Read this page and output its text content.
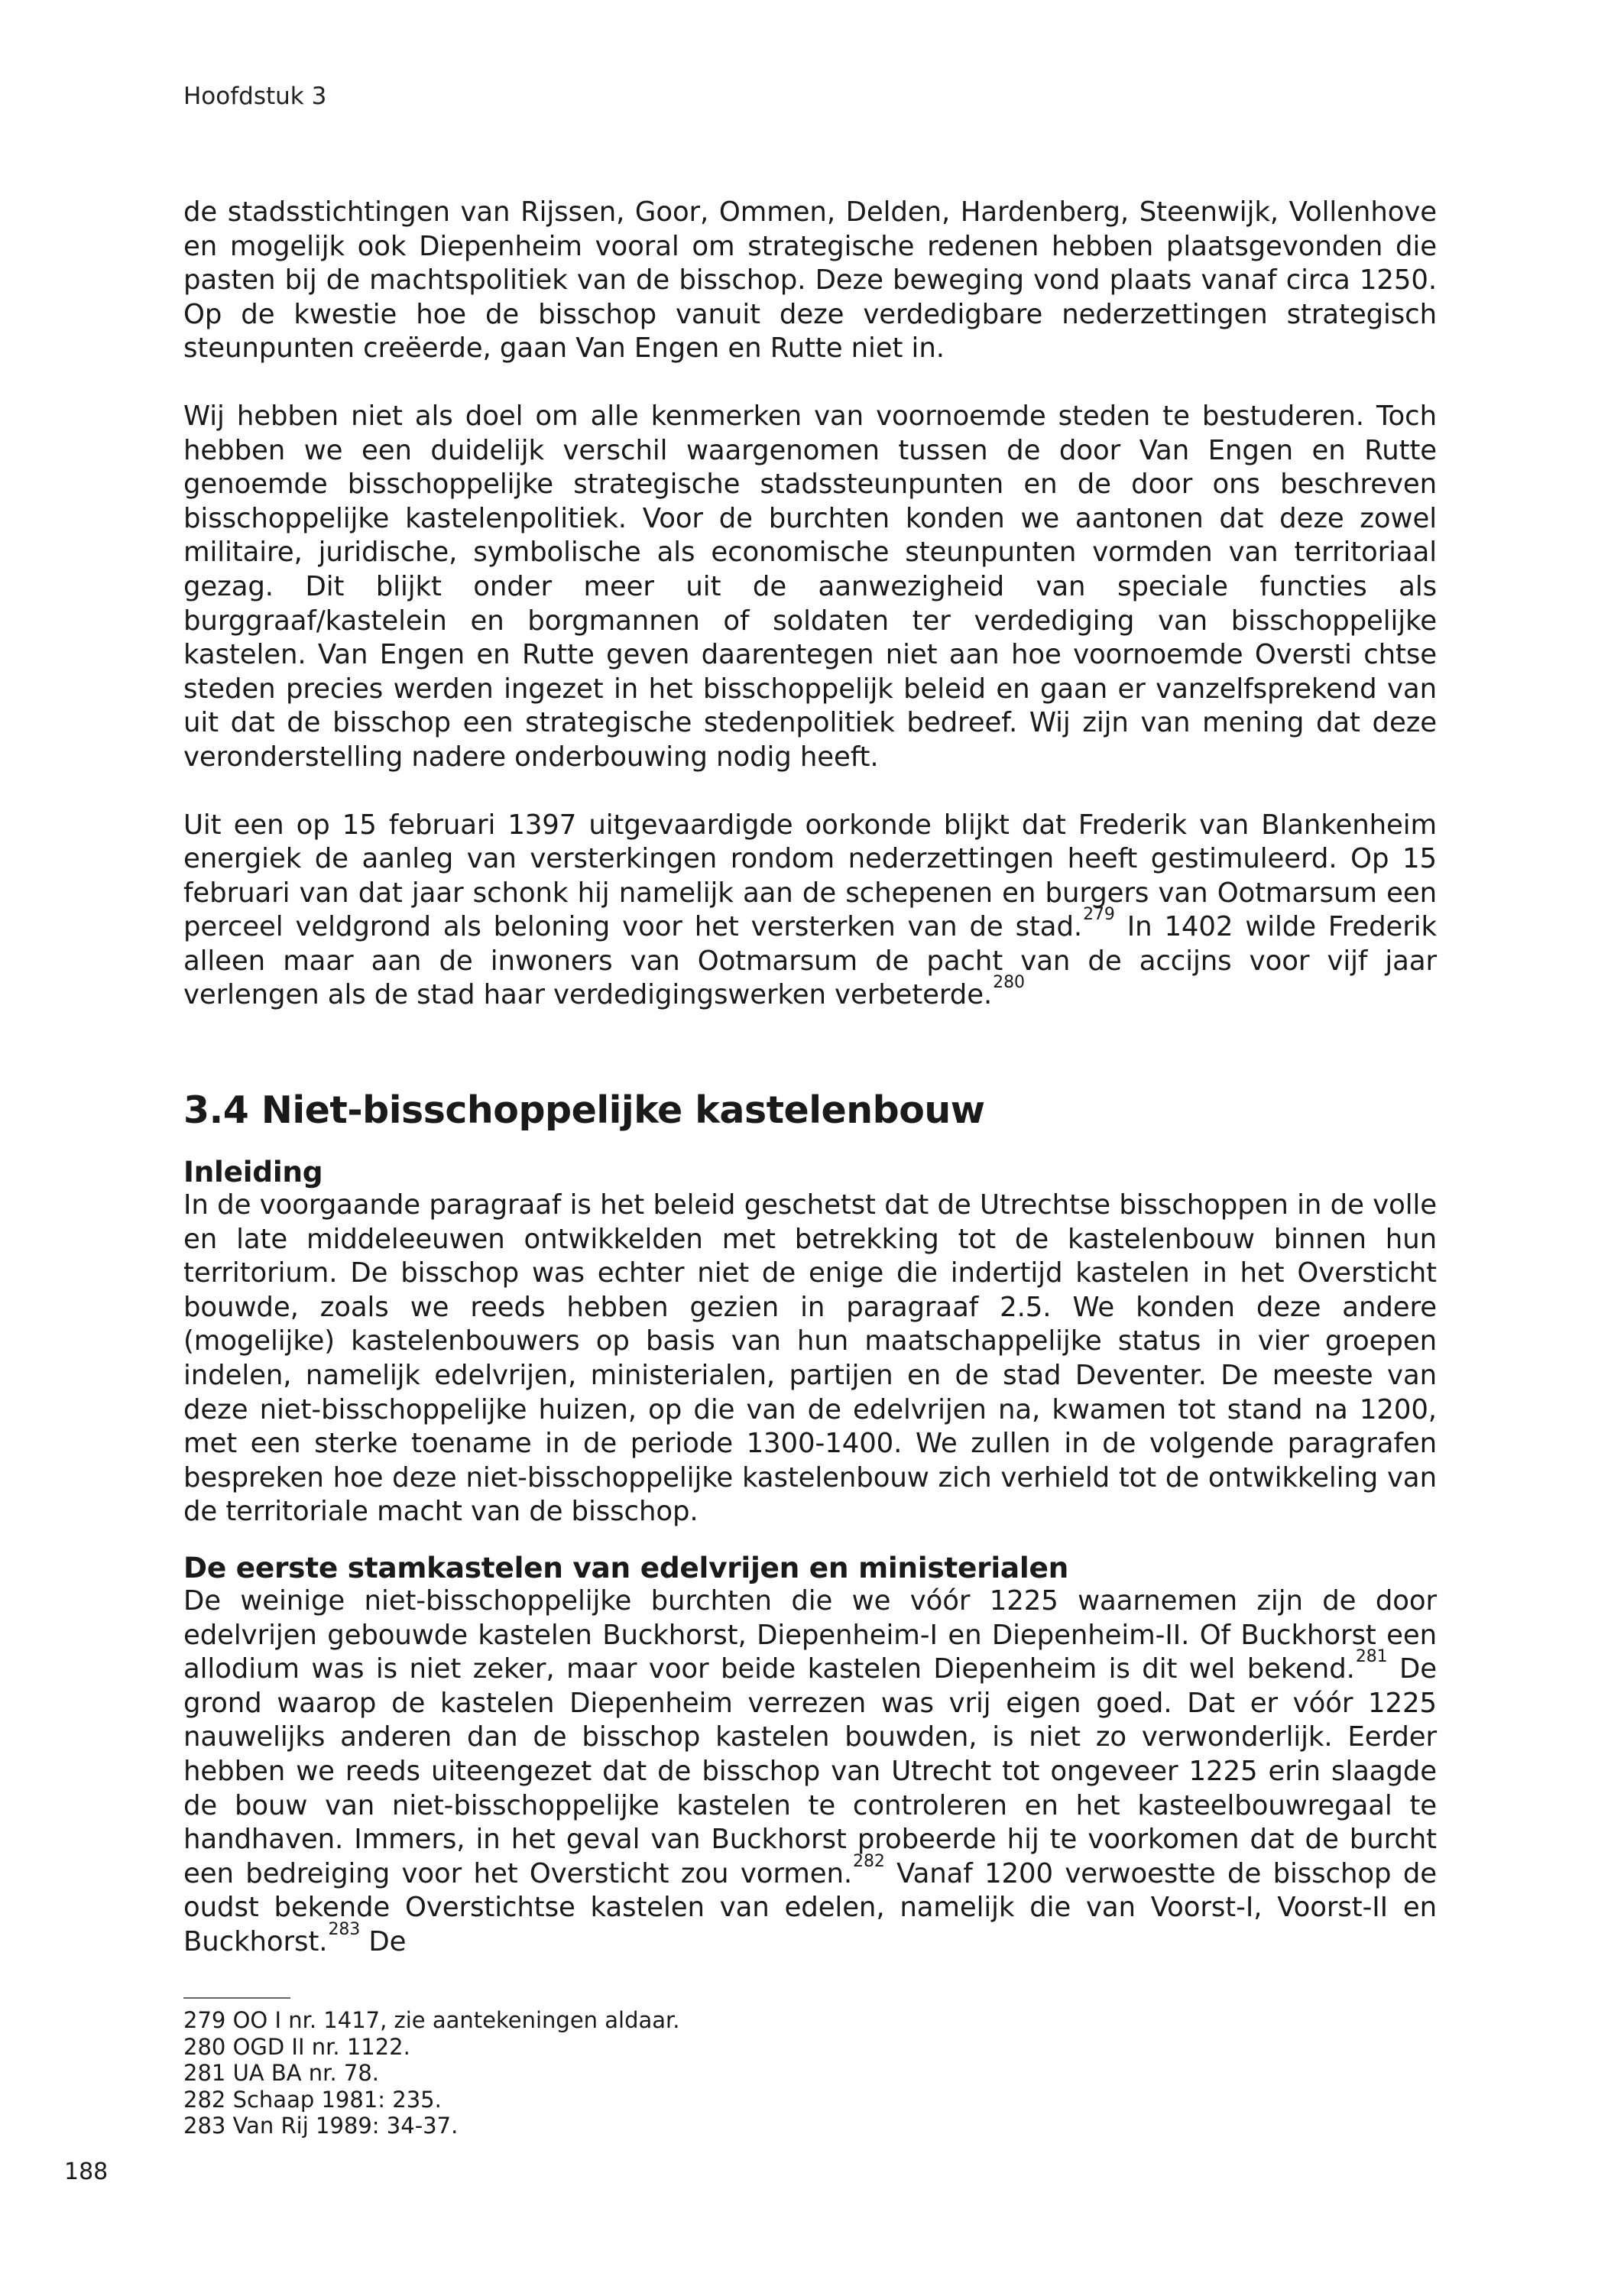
Hoofdstuk 3

de stadsstichtingen van Rijssen, Goor, Ommen, Delden, Hardenberg, Steenwijk, Vollenhove en mogelijk ook Diepenheim vooral om strategische redenen hebben plaatsgevonden die pasten bij de machtspolitiek van de bisschop. Deze beweging vond plaats vanaf circa 1250. Op de kwestie hoe de bisschop vanuit deze verdedigbare nederzettingen strategisch steunpunten creëerde, gaan Van Engen en Rutte niet in.

Wij hebben niet als doel om alle kenmerken van voornoemde steden te bestuderen. Toch hebben we een duidelijk verschil waargenomen tussen de door Van Engen en Rutte genoemde bisschoppelijke strategische stadssteunpunten en de door ons beschreven bisschoppelijke kastelenpolitiek. Voor de burchten konden we aantonen dat deze zowel militaire, juridische, symbolische als economische steunpunten vormden van territoriaal gezag. Dit blijkt onder meer uit de aanwezigheid van speciale functies als burggraaf/kastelein en borgmannen of soldaten ter verdediging van bisschoppelijke kastelen. Van Engen en Rutte geven daarentegen niet aan hoe voornoemde Oversti chtse steden precies werden ingezet in het bisschoppelijk beleid en gaan er vanzelfsprekend van uit dat de bisschop een strategische stedenpolitiek bedreef. Wij zijn van mening dat deze veronderstelling nadere onderbouwing nodig heeft.

Uit een op 15 februari 1397 uitgevaardigde oorkonde blijkt dat Frederik van Blankenheim energiek de aanleg van versterkingen rondom nederzettingen heeft gestimuleerd. Op 15 februari van dat jaar schonk hij namelijk aan de schepenen en burgers van Ootmarsum een perceel veldgrond als beloning voor het versterken van de stad.$^{279}$ In 1402 wilde Frederik alleen maar aan de inwoners van Ootmarsum de pacht van de accijns voor vijf jaar verlengen als de stad haar verdedigingswerken verbeterde.$^{280}$

3.4 Niet-bisschoppelijke kastelenbouw
Inleiding

In de voorgaande paragraaf is het beleid geschetst dat de Utrechtse bisschoppen in de volle en late middeleeuwen ontwikkelden met betrekking tot de kastelenbouw binnen hun territorium. De bisschop was echter niet de enige die indertijd kastelen in het Oversticht bouwde, zoals we reeds hebben gezien in paragraaf 2.5. We konden deze andere (mogelijke) kastelenbouwers op basis van hun maatschappelijke status in vier groepen indelen, namelijk edelvrijen, ministerialen, partijen en de stad Deventer. De meeste van deze niet-bisschoppelijke huizen, op die van de edelvrijen na, kwamen tot stand na 1200, met een sterke toename in de periode 1300-1400. We zullen in de volgende paragrafen bespreken hoe deze niet-bisschoppelijke kastelenbouw zich verhield tot de ontwikkeling van de territoriale macht van de bisschop.

De eerste stamkastelen van edelvrijen en ministerialen

De weinige niet-bisschoppelijke burchten die we vóór 1225 waarnemen zijn de door edelvrijen gebouwde kastelen Buckhorst, Diepenheim-I en Diepenheim-II. Of Buckhorst een allodium was is niet zeker, maar voor beide kastelen Diepenheim is dit wel bekend.$^{281}$ De grond waarop de kastelen Diepenheim verrezen was vrij eigen goed. Dat er vóór 1225 nauwelijks anderen dan de bisschop kastelen bouwden, is niet zo verwonderlijk. Eerder hebben we reeds uiteengezet dat de bisschop van Utrecht tot ongeveer 1225 erin slaagde de bouw van niet-bisschoppelijke kastelen te controleren en het kasteelbouwregaal te handhaven. Immers, in het geval van Buckhorst probeerde hij te voorkomen dat de burcht een bedreiging voor het Oversticht zou vormen.$^{282}$ Vanaf 1200 verwoestte de bisschop de oudst bekende Overstichtse kastelen van edelen, namelijk die van Voorst-I, Voorst-II en Buckhorst.$^{283}$ De

279 OO I nr. 1417, zie aantekeningen aldaar.
280 OGD II nr. 1122.
281 UA BA nr. 78.
282 Schaap 1981: 235.
283 Van Rij 1989: 34-37.
188
